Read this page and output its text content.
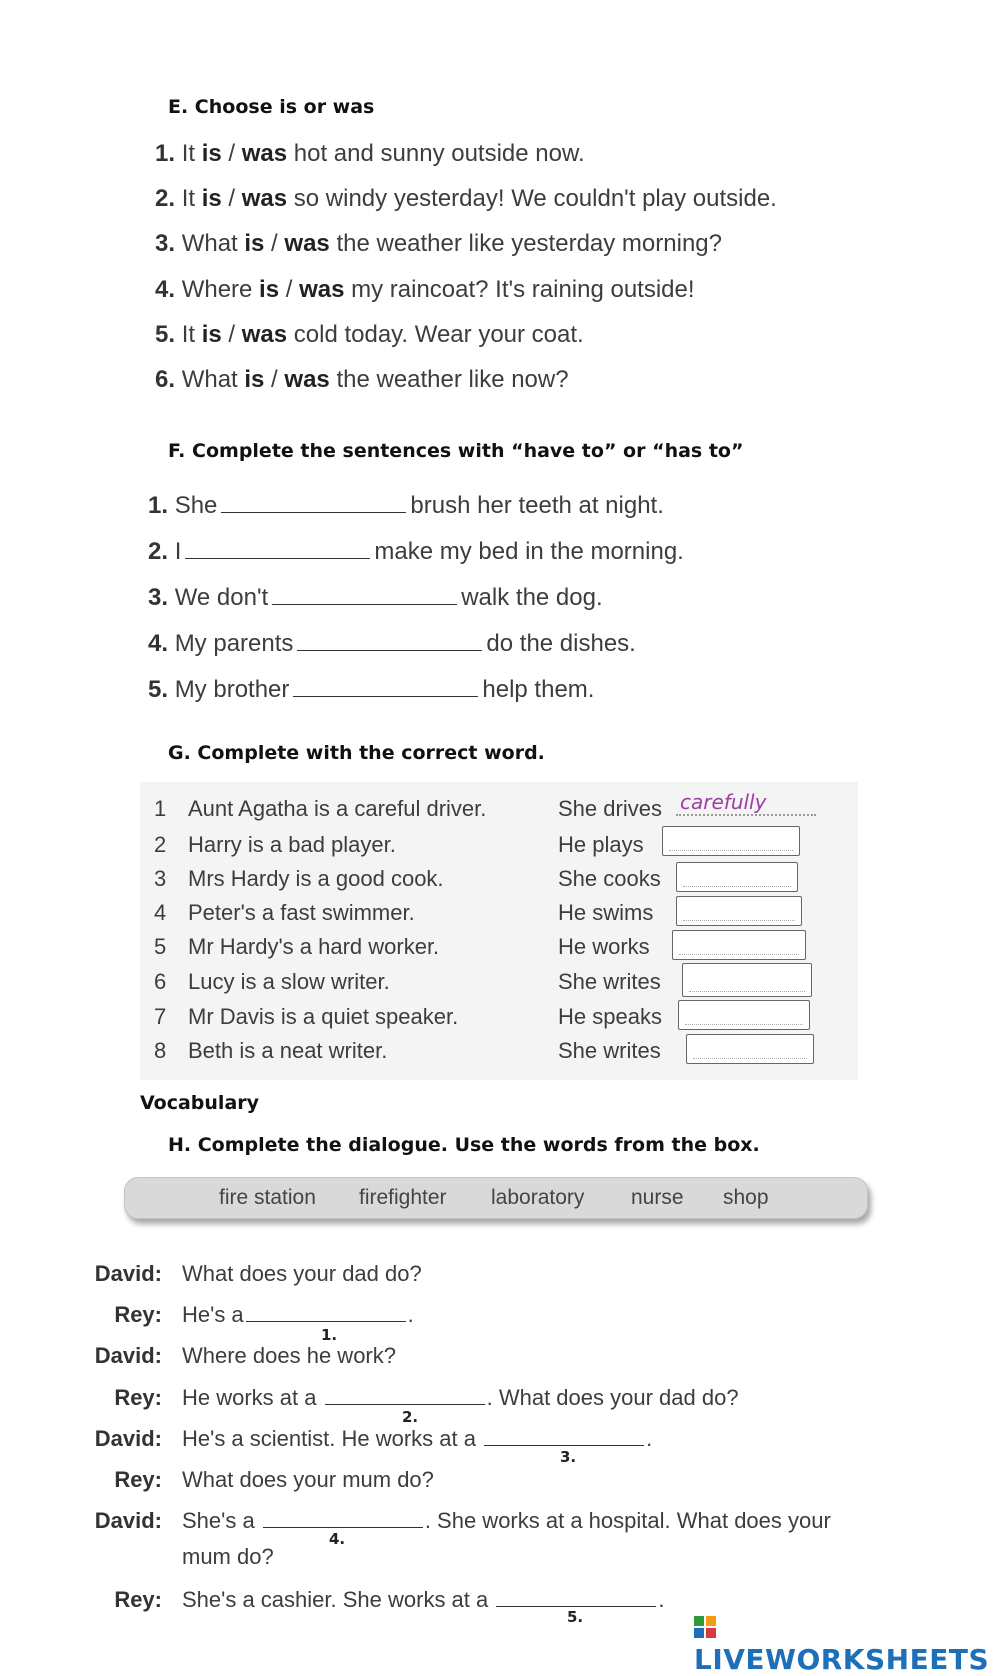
E. Choose is or was
1. It is / was hot and sunny outside now.
2. It is / was so windy yesterday! We couldn't play outside.
3. What is / was the weather like yesterday morning?
4. Where is / was my raincoat? It's raining outside!
5. It is / was cold today. Wear your coat.
6. What is / was the weather like now?
F. Complete the sentences with “have to” or “has to”
1. She	brush her teeth at night.
2. I	make my bed in the morning.
3. We don't	walk the dog.
4. My parents	do the dishes.
5. My brother	help them.
G. Complete with the correct word.
1 Aunt Agatha is a careful driver.	She drives carefully
2 Harry is a bad player.	He plays
3 Mrs Hardy is a good cook.	She cooks
4 Peter's a fast swimmer.	He swims
5 Mr Hardy's a hard worker.	He works
6 Lucy is a slow writer.	She writes
7 Mr Davis is a quiet speaker.	He speaks
8 Beth is a neat writer.	She writes
Vocabulary
H. Complete the dialogue. Use the words from the box.
fire station firefighter laboratory nurse shop
David: What does your dad do?
Rey: He's a	.
1.
David: Where does he work?
Rey: He works at a	. What does your dad do?
2.
David: He's a scientist. He works at a	.
3.
Rey: What does your mum do?
David: She's a	. She works at a hospital. What does your
mum do?
4.
Rey: She's a cashier. She works at a	.
5.
LIVEWORKSHEETS
